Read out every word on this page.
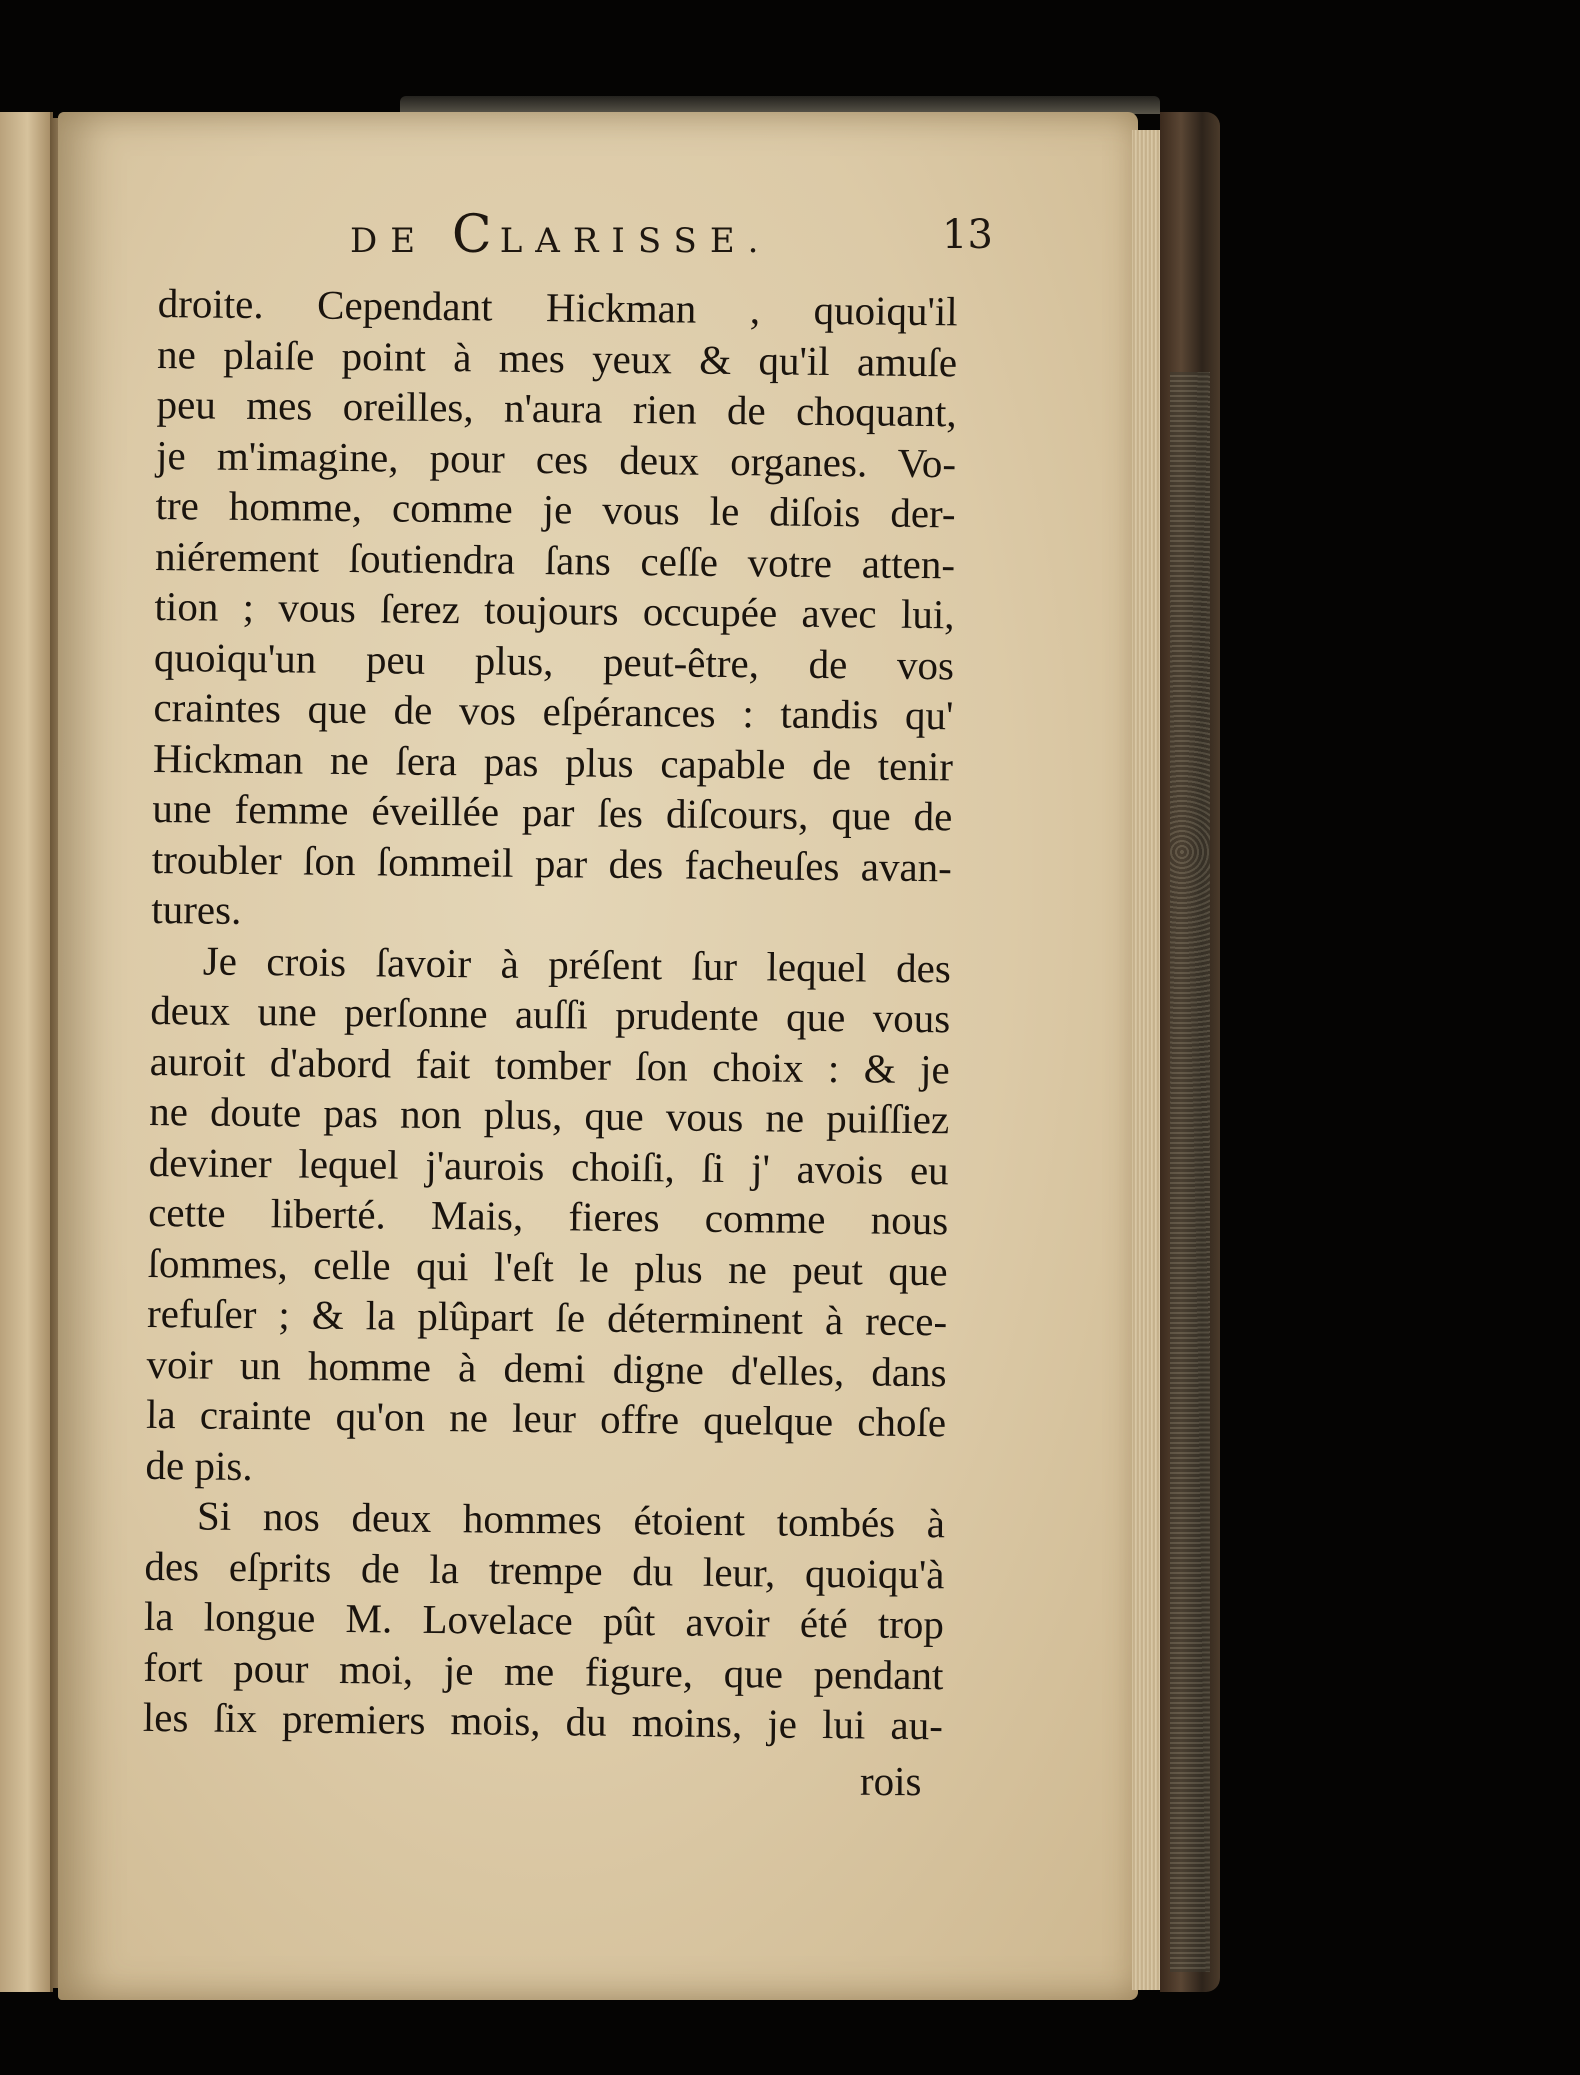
DE CLARISSE.	13
droite. Cependant Hickman , quoiqu'il
ne plaiſe point à mes yeux & qu'il amuſe
peu mes oreilles, n'aura rien de choquant,
je m'imagine, pour ces deux organes. Vo-
tre homme, comme je vous le diſois der-
niérement ſoutiendra ſans ceſſe votre atten-
tion ; vous ſerez toujours occupée avec lui,
quoiqu'un peu plus, peut-être, de vos
craintes que de vos eſpérances : tandis qu'
Hickman ne ſera pas plus capable de tenir
une femme éveillée par ſes diſcours, que de
troubler ſon ſommeil par des facheuſes avan-
tures.
Je crois ſavoir à préſent ſur lequel des
deux une perſonne auſſi prudente que vous
auroit d'abord fait tomber ſon choix : & je
ne doute pas non plus, que vous ne puiſſiez
deviner lequel j'aurois choiſi, ſi j' avois eu
cette liberté. Mais, fieres comme nous
ſommes, celle qui l'eſt le plus ne peut que
refuſer ; & la plûpart ſe déterminent à rece-
voir un homme à demi digne d'elles, dans
la crainte qu'on ne leur offre quelque choſe
de pis.
Si nos deux hommes étoient tombés à
des eſprits de la trempe du leur, quoiqu'à
la longue M. Lovelace pût avoir été trop
fort pour moi, je me figure, que pendant
les ſix premiers mois, du moins, je lui au-
rois
